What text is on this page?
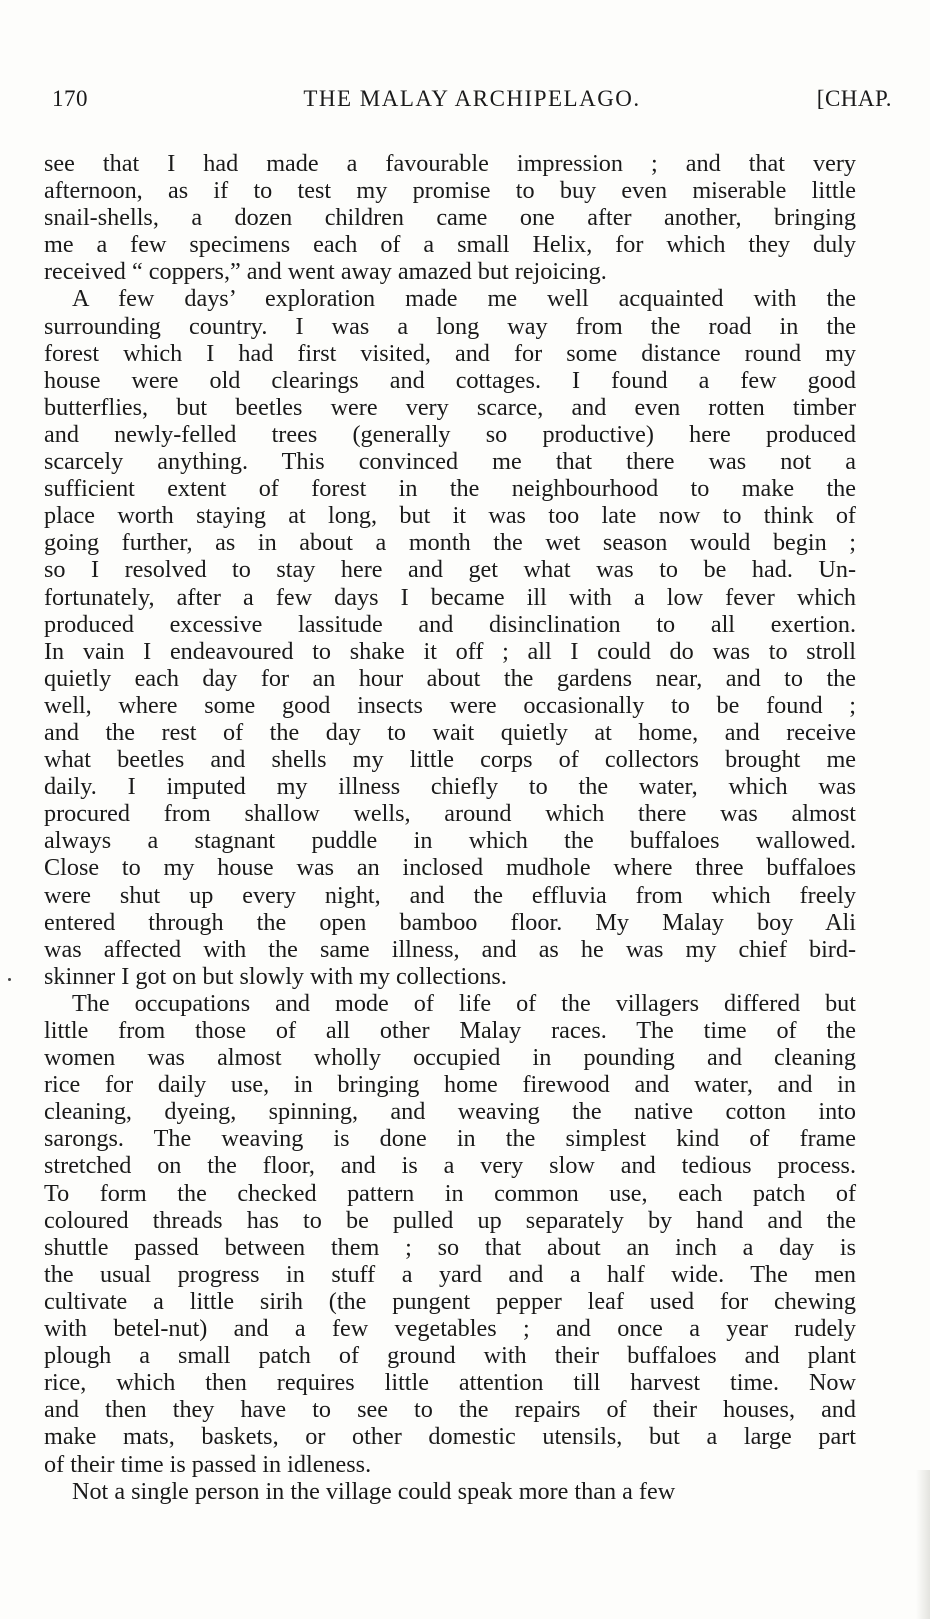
170	THE MALAY ARCHIPELAGO.	[CHAP.
see that I had made a favourable impression ; and that very
afternoon, as if to test my promise to buy even miserable little
snail-shells, a dozen children came one after another, bringing
me a few specimens each of a small Helix, for which they duly
received “ coppers,” and went away amazed but rejoicing.
A few days’ exploration made me well acquainted with the
surrounding country. I was a long way from the road in the
forest which I had first visited, and for some distance round my
house were old clearings and cottages. I found a few good
butterflies, but beetles were very scarce, and even rotten timber
and newly-felled trees (generally so productive) here produced
scarcely anything. This convinced me that there was not a
sufficient extent of forest in the neighbourhood to make the
place worth staying at long, but it was too late now to think of
going further, as in about a month the wet season would begin ;
so I resolved to stay here and get what was to be had. Un-
fortunately, after a few days I became ill with a low fever which
produced excessive lassitude and disinclination to all exertion.
In vain I endeavoured to shake it off ; all I could do was to stroll
quietly each day for an hour about the gardens near, and to the
well, where some good insects were occasionally to be found ;
and the rest of the day to wait quietly at home, and receive
what beetles and shells my little corps of collectors brought me
daily. I imputed my illness chiefly to the water, which was
procured from shallow wells, around which there was almost
always a stagnant puddle in which the buffaloes wallowed.
Close to my house was an inclosed mudhole where three buffaloes
were shut up every night, and the effluvia from which freely
entered through the open bamboo floor. My Malay boy Ali
was affected with the same illness, and as he was my chief bird-
skinner I got on but slowly with my collections.
The occupations and mode of life of the villagers differed but
little from those of all other Malay races. The time of the
women was almost wholly occupied in pounding and cleaning
rice for daily use, in bringing home firewood and water, and in
cleaning, dyeing, spinning, and weaving the native cotton into
sarongs. The weaving is done in the simplest kind of frame
stretched on the floor, and is a very slow and tedious process.
To form the checked pattern in common use, each patch of
coloured threads has to be pulled up separately by hand and the
shuttle passed between them ; so that about an inch a day is
the usual progress in stuff a yard and a half wide. The men
cultivate a little sirih (the pungent pepper leaf used for chewing
with betel-nut) and a few vegetables ; and once a year rudely
plough a small patch of ground with their buffaloes and plant
rice, which then requires little attention till harvest time. Now
and then they have to see to the repairs of their houses, and
make mats, baskets, or other domestic utensils, but a large part
of their time is passed in idleness.
Not a single person in the village could speak more than a few
